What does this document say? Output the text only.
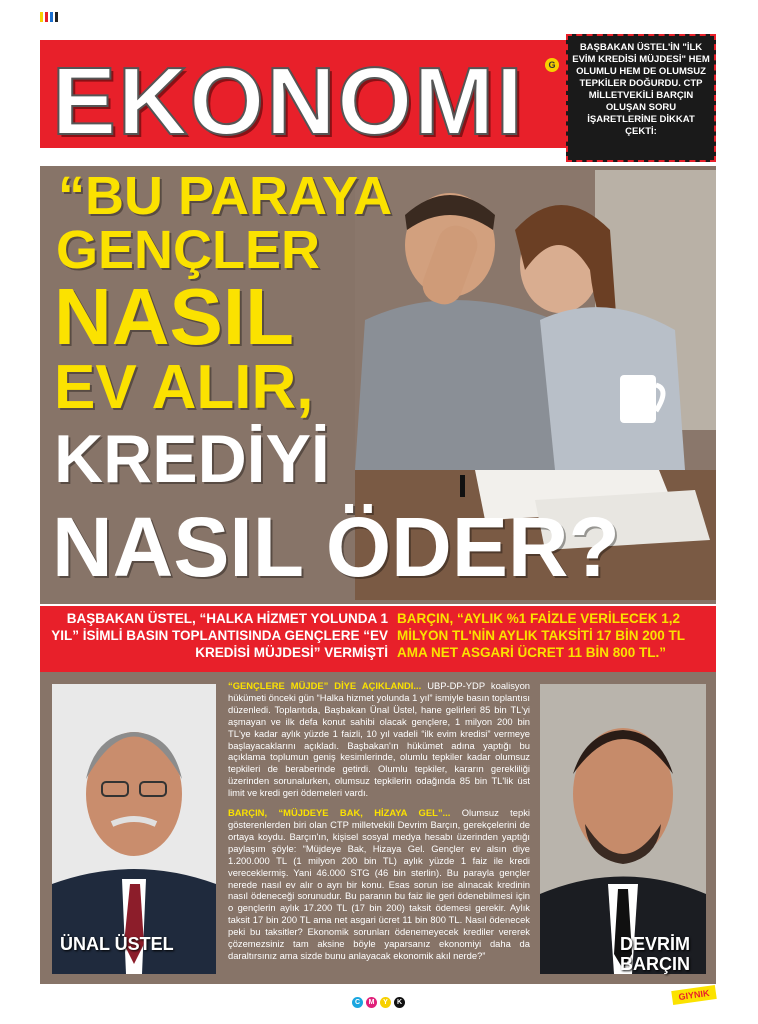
EKONOMI	G
12 Mayıs 2023 Cuma	Sayı: 329	Yıl: 1	Günlük Gazete	www.giynikgazetesi.com
BAŞBAKAN ÜSTEL'İN "İLK EVİM KREDİSİ MÜJDESİ" HEM OLUMLU HEM DE OLUMSUZ TEPKİLER DOĞURDU. CTP MİLLETVEKİLİ BARÇIN OLUŞAN SORU İŞARETLERİNE DİKKAT ÇEKTİ:
“BU PARAYA
GENÇLER
NASIL
EV ALIR,
KREDİYİ
NASIL ÖDER?
BAŞBAKAN ÜSTEL, “HALKA HİZMET YOLUNDA 1 YIL” İSİMLİ BASIN TOPLANTISINDA GENÇLERE “EV KREDİSİ MÜJDESİ” VERMİŞTİ
BARÇIN, “AYLIK %1 FAİZLE VERİLECEK 1,2 MİLYON TL'NİN AYLIK TAKSİTİ 17 BİN 200 TL AMA NET ASGARİ ÜCRET 11 BİN 800 TL.”
ÜNAL ÜSTEL	DEVRİM BARÇIN

“GENÇLERE MÜJDE” DİYE AÇIKLANDI... UBP-DP-YDP koalisyon hükümeti önceki gün “Halka hizmet yolunda 1 yıl” ismiyle basın toplantısı düzenledi. Toplantıda, Başbakan Ünal Üstel, hane gelirleri 85 bin TL'yi aşmayan ve ilk defa konut sahibi olacak gençlere, 1 milyon 200 bin TL'ye kadar aylık yüzde 1 faizli, 10 yıl vadeli “ilk evim kredisi” vermeye başlayacaklarını açıkladı. Başbakan'ın hükümet adına yaptığı bu açıklama toplumun geniş kesimlerinde, olumlu tepkiler kadar olumsuz tepkileri de beraberinde getirdi. Olumlu tepkiler, kararın gerekliliği üzerinden sorunalurken, olumsuz tepkilerin odağında 85 bin TL'lik üst limit ve kredi geri ödemeleri vardı.

BARÇIN, “MÜJDEYE BAK, HİZAYA GEL”... Olumsuz tepki gösterenlerden biri olan CTP milletvekili Devrim Barçın, gerekçelerini de ortaya koydu. Barçın'ın, kişisel sosyal medya hesabı üzerinden yaptığı paylaşım şöyle: “Müjdeye Bak, Hizaya Gel. Gençler ev alsın diye 1.200.000 TL (1 milyon 200 bin TL) aylık yüzde 1 faiz ile kredi vereceklermiş. Yani 46.000 STG (46 bin sterlin). Bu parayla gençler nerede nasıl ev alır o ayrı bir konu. Esas sorun ise alınacak kredinin nasıl ödeneceği sorunudur. Bu paranın bu faiz ile geri ödenebilmesi için o gençlerin aylık 17.200 TL (17 bin 200) taksit ödemesi gerekir. Aylık taksit 17 bin 200 TL ama net asgari ücret 11 bin 800 TL. Nasıl ödenecek peki bu taksitler? Ekonomik sorunları ödenemeyecek krediler vererek çözemezsiniz tam aksine böyle yaparsanız ekonomiyi daha da daraltırsınız ama sizde bunu anlayacak ekonomik akıl nerde?”

C	M	Y	K
GIYNIK
